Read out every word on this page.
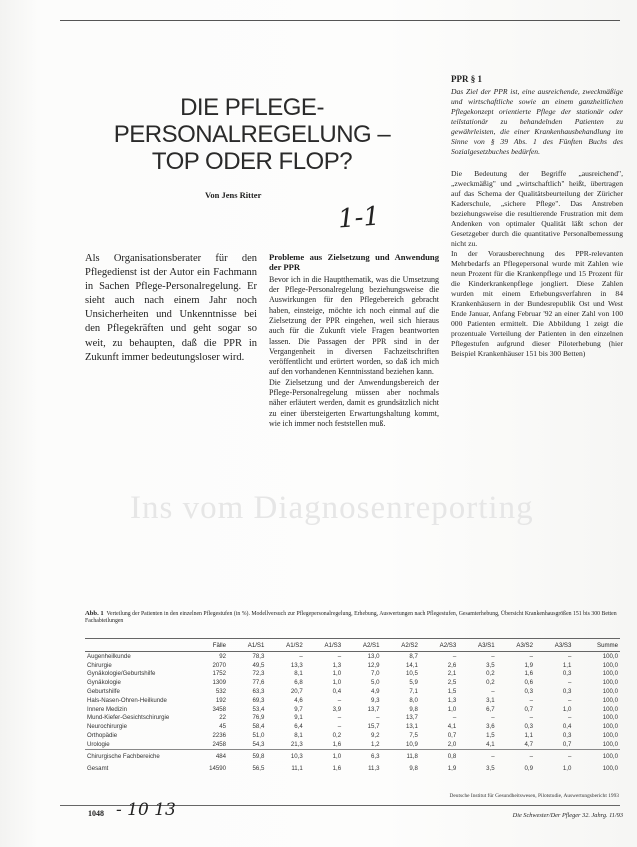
DIE PFLEGE-PERSONALREGELUNG – TOP ODER FLOP?
Von Jens Ritter
1-1
Als Organisationsberater für den Pflegedienst ist der Autor ein Fachmann in Sachen Pflege-Personalregelung. Er sieht auch nach einem Jahr noch Unsicherheiten und Unkenntnisse bei den Pflegekräften und geht sogar so weit, zu behaupten, daß die PPR in Zukunft immer bedeutungsloser wird.
Probleme aus Zielsetzung und Anwendung der PPR

Bevor ich in die Hauptthematik, was die Umsetzung der Pflege-Personalregelung beziehungsweise die Auswirkungen für den Pflegebereich gebracht haben, einsteige, möchte ich noch einmal auf die Zielsetzung der PPR eingehen, weil sich hieraus auch für die Zukunft viele Fragen beantworten lassen. Die Passagen der PPR sind in der Vergangenheit in diversen Fachzeitschriften veröffentlicht und erörtert worden, so daß ich mich auf den vorhandenen Kenntnisstand beziehen kann.

Die Zielsetzung und der Anwendungsbereich der Pflege-Personalregelung müssen aber nochmals näher erläutert werden, damit es grundsätzlich nicht zu einer übersteigerten Erwartungshaltung kommt, wie ich immer noch feststellen muß.

PPR § 1

Das Ziel der PPR ist, eine ausreichende, zweckmäßige und wirtschaftliche sowie an einem ganzheitlichen Pflegekonzept orientierte Pflege der stationär oder teilstationär zu behandelnden Patienten zu gewährleisten, die einer Krankenhausbehandlung im Sinne von § 39 Abs. 1 des Fünften Buchs des Sozialgesetzbuches bedürfen.

Die Bedeutung der Begriffe „ausreichend", „zweckmäßig" und „wirtschaftlich" heißt, übertragen auf das Schema der Qualitätsbeurteilung der Züricher Kaderschule, „sichere Pflege". Das Anstreben beziehungsweise die resultierende Frustration mit dem Andenken von optimaler Qualität läßt schon der Gesetzgeber durch die quantitative Personalbemessung nicht zu.

In der Vorausberechnung des PPR-relevanten Mehrbedarfs an Pflegepersonal wurde mit Zahlen wie neun Prozent für die Krankenpflege und 15 Prozent für die Kinderkrankenpflege jongliert. Diese Zahlen wurden mit einem Erhebungsverfahren in 84 Krankenhäusern in der Bundesrepublik Ost und West Ende Januar, Anfang Februar '92 an einer Zahl von 100 000 Patienten ermittelt. Die Abbildung 1 zeigt die prozentuale Verteilung der Patienten in den einzelnen Pflegestufen aufgrund dieser Piloterhebung (hier Beispiel Krankenhäuser 151 bis 300 Betten)

Ins vom Diagnosenreporting
Abb. 1 Verteilung der Patienten in den einzelnen Pflegestufen (in %). Modellversuch zur Pflegepersonalregelung, Erhebung, Auswertungen nach Pflegestufen, Gesamterhebung, Übersicht Krankenhausgrößen 151 bis 300 Betten Fachabteilungen
	Fälle	A1/S1	A1/S2	A1/S3	A2/S1	A2/S2	A2/S3	A3/S1	A3/S2	A3/S3	Summe
Augenheilkunde	92	78,3	–	–	13,0	8,7	–	–	–	–	100,0
Chirurgie	2070	49,5	13,3	1,3	12,9	14,1	2,6	3,5	1,9	1,1	100,0
Gynäkologie/Geburtshilfe	1752	72,3	8,1	1,0	7,0	10,5	2,1	0,2	1,6	0,3	100,0
Gynäkologie	1309	77,6	6,8	1,0	5,0	5,9	2,5	0,2	0,6	–	100,0
Geburtshilfe	532	63,3	20,7	0,4	4,9	7,1	1,5	–	0,3	0,3	100,0
Hals-Nasen-Ohren-Heilkunde	192	69,3	4,6	–	9,3	8,0	1,3	3,1	–	–	100,0
Innere Medizin	3458	53,4	9,7	3,9	13,7	9,8	1,0	6,7	0,7	1,0	100,0
Mund-Kiefer-Gesichtschirurgie	22	76,9	9,1	–	–	13,7	–	–	–	–	100,0
Neurochirurgie	45	58,4	6,4	–	15,7	13,1	4,1	3,6	0,3	0,4	100,0
Orthopädie	2236	51,0	8,1	0,2	9,2	7,5	0,7	1,5	1,1	0,3	100,0
Urologie	2458	54,3	21,3	1,6	1,2	10,9	2,0	4,1	4,7	0,7	100,0
Chirurgische Fachbereiche	484	59,8	10,3	1,0	6,3	11,8	0,8	–	–	–	100,0
Gesamt	14590	56,5	11,1	1,6	11,3	9,8	1,9	3,5	0,9	1,0	100,0
Deutsche Institut für Gesundheitswesen, Pilotstudie, Auswertungsbericht 1993
1048 - 10 13	Die Schwester/Der Pfleger 32. Jahrg. 11/93
